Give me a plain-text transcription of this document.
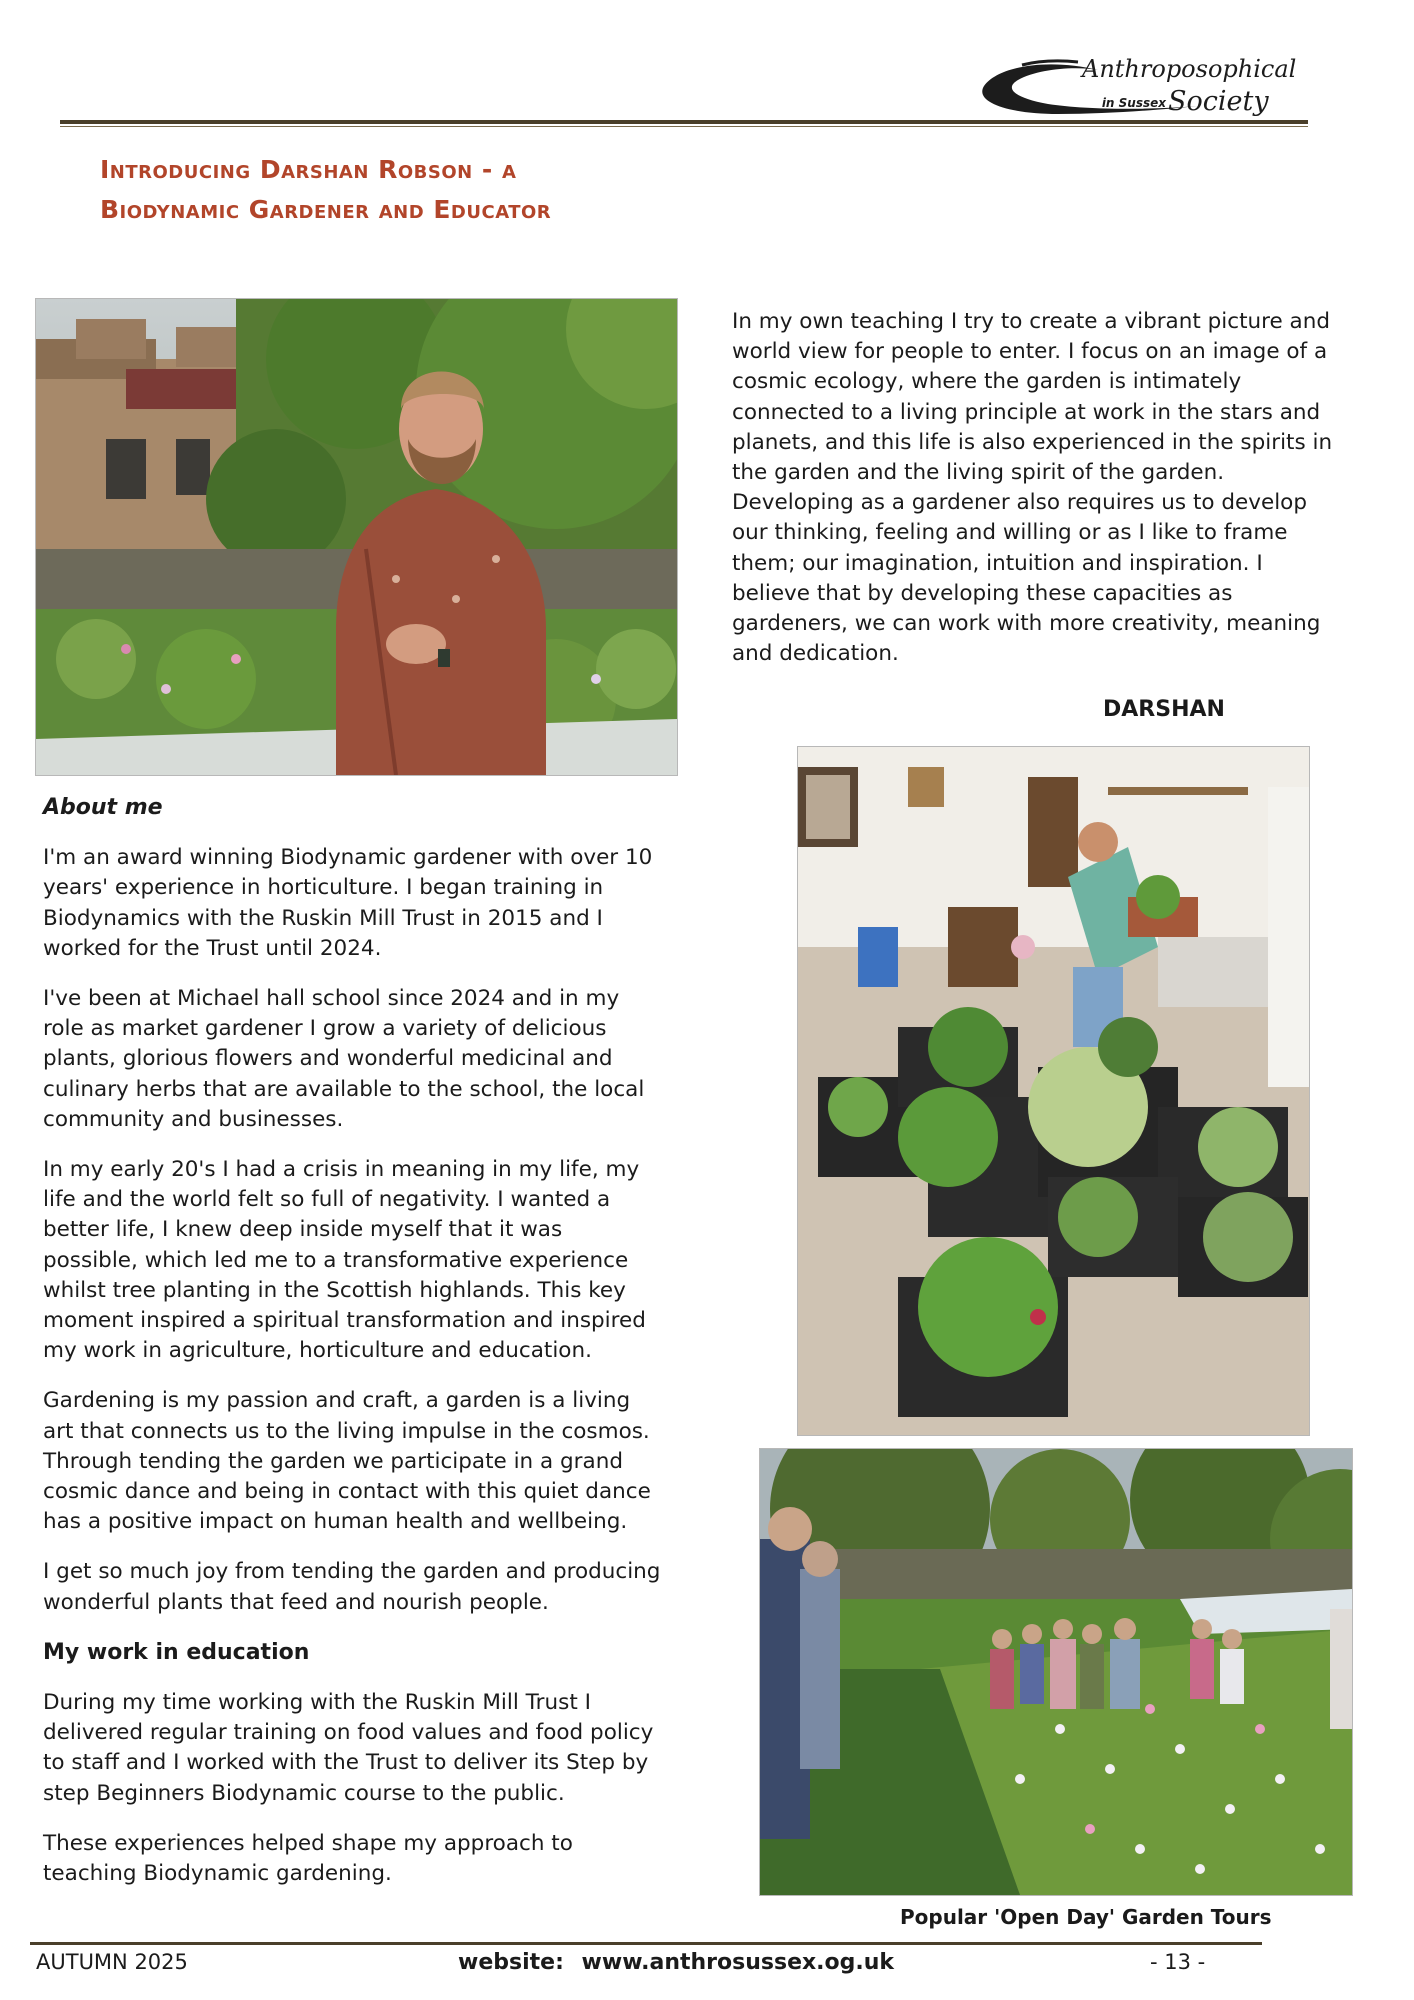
Anthroposophical
in Sussex Society
Introducing Darshan Robson - a
Biodynamic Gardener and Educator

About me

I'm an award winning Biodynamic gardener with over 10 years' experience in horticulture. I began training in Biodynamics with the Ruskin Mill Trust in 2015 and I worked for the Trust until 2024.

I've been at Michael hall school since 2024 and in my role as market gardener I grow a variety of delicious plants, glorious flowers and wonderful medicinal and culinary herbs that are available to the school, the local community and businesses.

In my early 20's I had a crisis in meaning in my life, my life and the world felt so full of negativity. I wanted a better life, I knew deep inside myself that it was possible, which led me to a transformative experience whilst tree planting in the Scottish highlands. This key moment inspired a spiritual transformation and inspired my work in agriculture, horticulture and education.

Gardening is my passion and craft, a garden is a living art that connects us to the living impulse in the cosmos. Through tending the garden we participate in a grand cosmic dance and being in contact with this quiet dance has a positive impact on human health and wellbeing.

I get so much joy from tending the garden and producing wonderful plants that feed and nourish people.

My work in education

During my time working with the Ruskin Mill Trust I delivered regular training on food values and food policy to staff and I worked with the Trust to deliver its Step by step Beginners Biodynamic course to the public.

These experiences helped shape my approach to teaching Biodynamic gardening.

In my own teaching I try to create a vibrant picture and world view for people to enter. I focus on an image of a cosmic ecology, where the garden is intimately connected to a living principle at work in the stars and planets, and this life is also experienced in the spirits in the garden and the living spirit of the garden. Developing as a gardener also requires us to develop our thinking, feeling and willing or as I like to frame them; our imagination, intuition and inspiration. I believe that by developing these capacities as gardeners, we can work with more creativity, meaning and dedication.

DARSHAN
Popular 'Open Day' Garden Tours
AUTUMN 2025	website: www.anthrosussex.og.uk	- 13 -
